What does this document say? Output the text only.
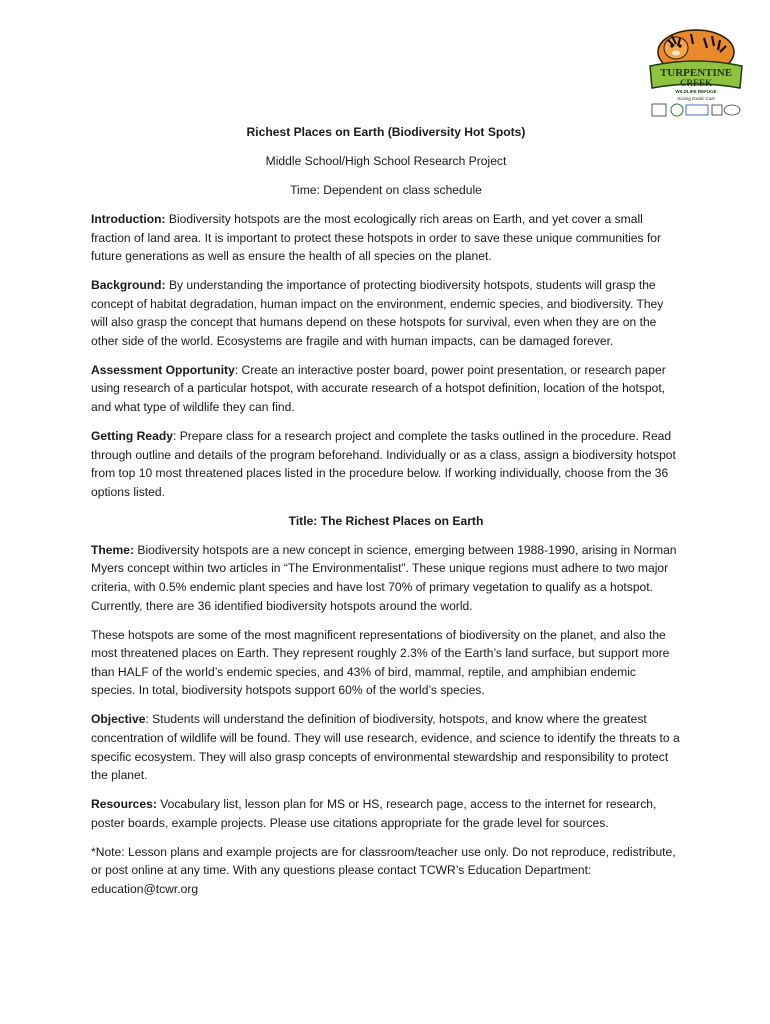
TURPENTINE
CREEK
WILDLIFE REFUGE
Saving Exotic Cats
Richest Places on Earth (Biodiversity Hot Spots)
Middle School/High School Research Project
Time: Dependent on class schedule

Introduction: Biodiversity hotspots are the most ecologically rich areas on Earth, and yet cover a small fraction of land area. It is important to protect these hotspots in order to save these unique communities for future generations as well as ensure the health of all species on the planet.

Background: By understanding the importance of protecting biodiversity hotspots, students will grasp the concept of habitat degradation, human impact on the environment, endemic species, and biodiversity. They will also grasp the concept that humans depend on these hotspots for survival, even when they are on the other side of the world. Ecosystems are fragile and with human impacts, can be damaged forever.

Assessment Opportunity: Create an interactive poster board, power point presentation, or research paper using research of a particular hotspot, with accurate research of a hotspot definition, location of the hotspot, and what type of wildlife they can find.

Getting Ready: Prepare class for a research project and complete the tasks outlined in the procedure. Read through outline and details of the program beforehand. Individually or as a class, assign a biodiversity hotspot from top 10 most threatened places listed in the procedure below. If working individually, choose from the 36 options listed.

Title: The Richest Places on Earth

Theme: Biodiversity hotspots are a new concept in science, emerging between 1988-1990, arising in Norman Myers concept within two articles in “The Environmentalist”. These unique regions must adhere to two major criteria, with 0.5% endemic plant species and have lost 70% of primary vegetation to qualify as a hotspot. Currently, there are 36 identified biodiversity hotspots around the world.

These hotspots are some of the most magnificent representations of biodiversity on the planet, and also the most threatened places on Earth. They represent roughly 2.3% of the Earth’s land surface, but support more than HALF of the world’s endemic species, and 43% of bird, mammal, reptile, and amphibian endemic species. In total, biodiversity hotspots support 60% of the world’s species.

Objective: Students will understand the definition of biodiversity, hotspots, and know where the greatest concentration of wildlife will be found. They will use research, evidence, and science to identify the threats to a specific ecosystem. They will also grasp concepts of environmental stewardship and responsibility to protect the planet.

Resources: Vocabulary list, lesson plan for MS or HS, research page, access to the internet for research, poster boards, example projects. Please use citations appropriate for the grade level for sources.

*Note: Lesson plans and example projects are for classroom/teacher use only. Do not reproduce, redistribute, or post online at any time. With any questions please contact TCWR’s Education Department: education@tcwr.org
